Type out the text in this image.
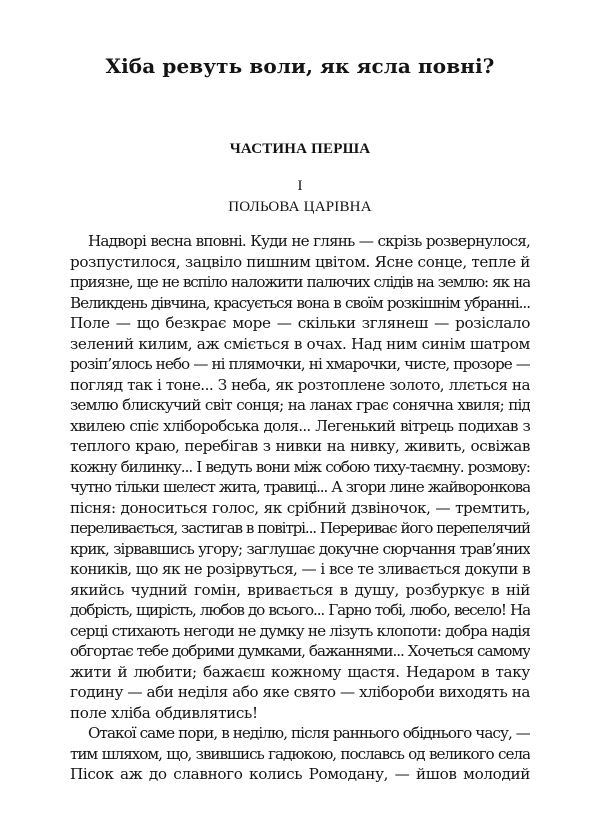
Хіба ревуть воли, як ясла повні?
ЧАСТИНА ПЕРША
I
ПОЛЬОВА ЦАРІВНА
Надворі весна вповні. Куди не глянь — скрізь розвернулося,
розпустилося, зацвіло пишним цвітом. Ясне сонце, тепле й
приязне, ще не вспіло наложити палючих слідів на землю: як на
Великдень дівчина, красується вона в своїм розкішнім убранні...
Поле — що безкрає море — скільки зглянеш — розіслало
зелений килим, аж сміється в очах. Над ним синім шатром
розіп’ялось небо — ні плямочки, ні хмарочки, чисте, прозоре —
погляд так і тоне... З неба, як розтоплене золото, ллється на
землю блискучий світ сонця; на ланах грає сонячна хвиля; під
хвилею спіє хліборобська доля... Легенький вітрець подихав з
теплого краю, перебігав з нивки на нивку, живить, освіжав
кожну билинку... І ведуть вони між собою тиху-таємну. розмову:
чутно тільки шелест жита, травиці... А згори лине жайворонкова
пісня: доноситься голос, як срібний дзвіночок, — тремтить,
переливається, застигав в повітрі... Перериває його перепелячий
крик, зірвавшись угору; заглушає докучне сюрчання трав’яних
коників, що як не розірвуться, — і все те зливається докупи в
якийсь чудний гомін, вривається в душу, розбуркує в ній
добрість, щирість, любов до всього... Гарно тобі, любо, весело! На
серці стихають негоди не думку не лізуть клопоти: добра надія
обгортає тебе добрими думками, бажаннями... Хочеться самому
жити й любити; бажаєш кожному щастя. Недаром в таку
годину — аби неділя або яке свято — хлібороби виходять на
поле хліба обдивлятись!
Отакої саме пори, в неділю, після раннього обіднього часу, —
тим шляхом, що, звившись гадюкою, пославсь од великого села
Пісок аж до славного колись Ромодану, — йшов молодий
